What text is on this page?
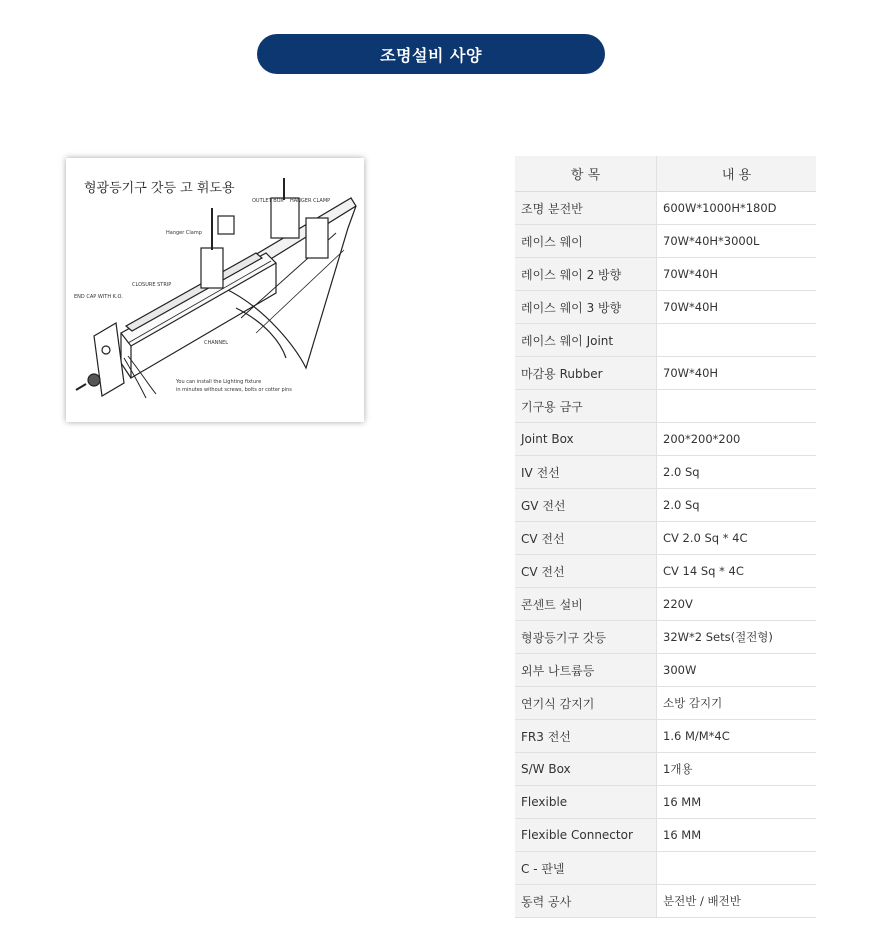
조명설비 사양
형광등기구 갓등 고 휘도용
OUTLET BOX HANGER CLAMP
Hanger Clamp
CLOSURE STRIP
END CAP WITH K.O.
CHANNEL
You can install the Lighting fixture
in minutes without screws, bolts or cotter pins
항 목	내 용
조명 분전반	600W*1000H*180D
레이스 웨이	70W*40H*3000L
레이스 웨이 2 방향	70W*40H
레이스 웨이 3 방향	70W*40H
레이스 웨이 Joint	
마감용 Rubber	70W*40H
기구용 금구	
Joint Box	200*200*200
IV 전선	2.0 Sq
GV 전선	2.0 Sq
CV 전선	CV 2.0 Sq * 4C
CV 전선	CV 14 Sq * 4C
콘센트 설비	220V
형광등기구 갓등	32W*2 Sets(절전형)
외부 나트륨등	300W
연기식 감지기	소방 감지기
FR3 전선	1.6 M/M*4C
S/W Box	1개용
Flexible	16 MM
Flexible Connector	16 MM
C - 판넬	
동력 공사	분전반 / 배전반
